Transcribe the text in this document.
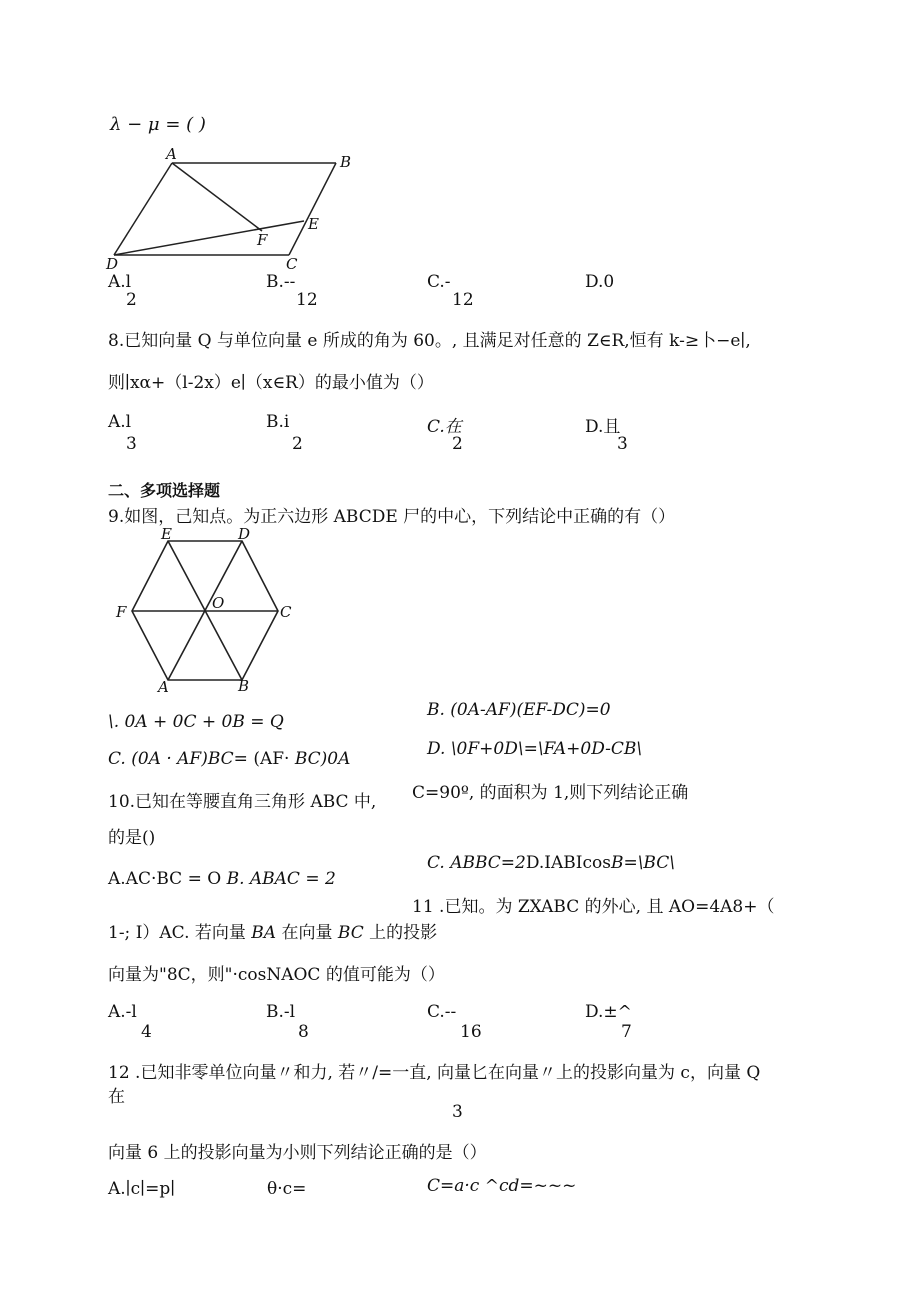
λ − μ = ( )
A	B
C
D
E
F
A.l
2
B.--
12
C.-
12
D.0
8.已知向量 Q 与单位向量 e 所成的角为 60。, 且满足对任意的 Z∈R,恒有 k-≥卜−e∣,
则∣xα+（l-2x）e∣（x∈R）的最小值为（）
A.l
3
B.i
2
C.在
2
D.且
3
二、多项选择题
9.如图，己知点。为正六边形 ABCDE 尸的中心，下列结论中正确的有（）
E	D
F	O	C
A	B
B. (0A-AF)(EF-DC)=0
\. 0A + 0C + 0B = Q
D. \0F+0D\=\FA+0D-CB\
C. (0A · AF)BC= (AF· BC)0A
10.已知在等腰直角三角形 ABC 中, C=90º, 的面积为 1,则下列结论正确
的是()
C. ABBC=2D.IABIcosB=\BC\
A.AC·BC = O B. ABAC = 2
11 .已知。为 ZXABC 的外心, 且 AO=4A8+（
1-; I）AC. 若向量 BA 在向量 BC 上的投影
向量为"8C，则"·cosNAOC 的值可能为（）
A.-l
4
B.-l
8
C.--
16
D.±^
7
12 .已知非零单位向量〃和力, 若〃/=一直, 向量匕在向量〃上的投影向量为 c，向量 Q
在
3
向量 6 上的投影向量为小则下列结论正确的是（）
A.∣c∣=p∣	θ·c=	C=a·c ^cd=~~~
